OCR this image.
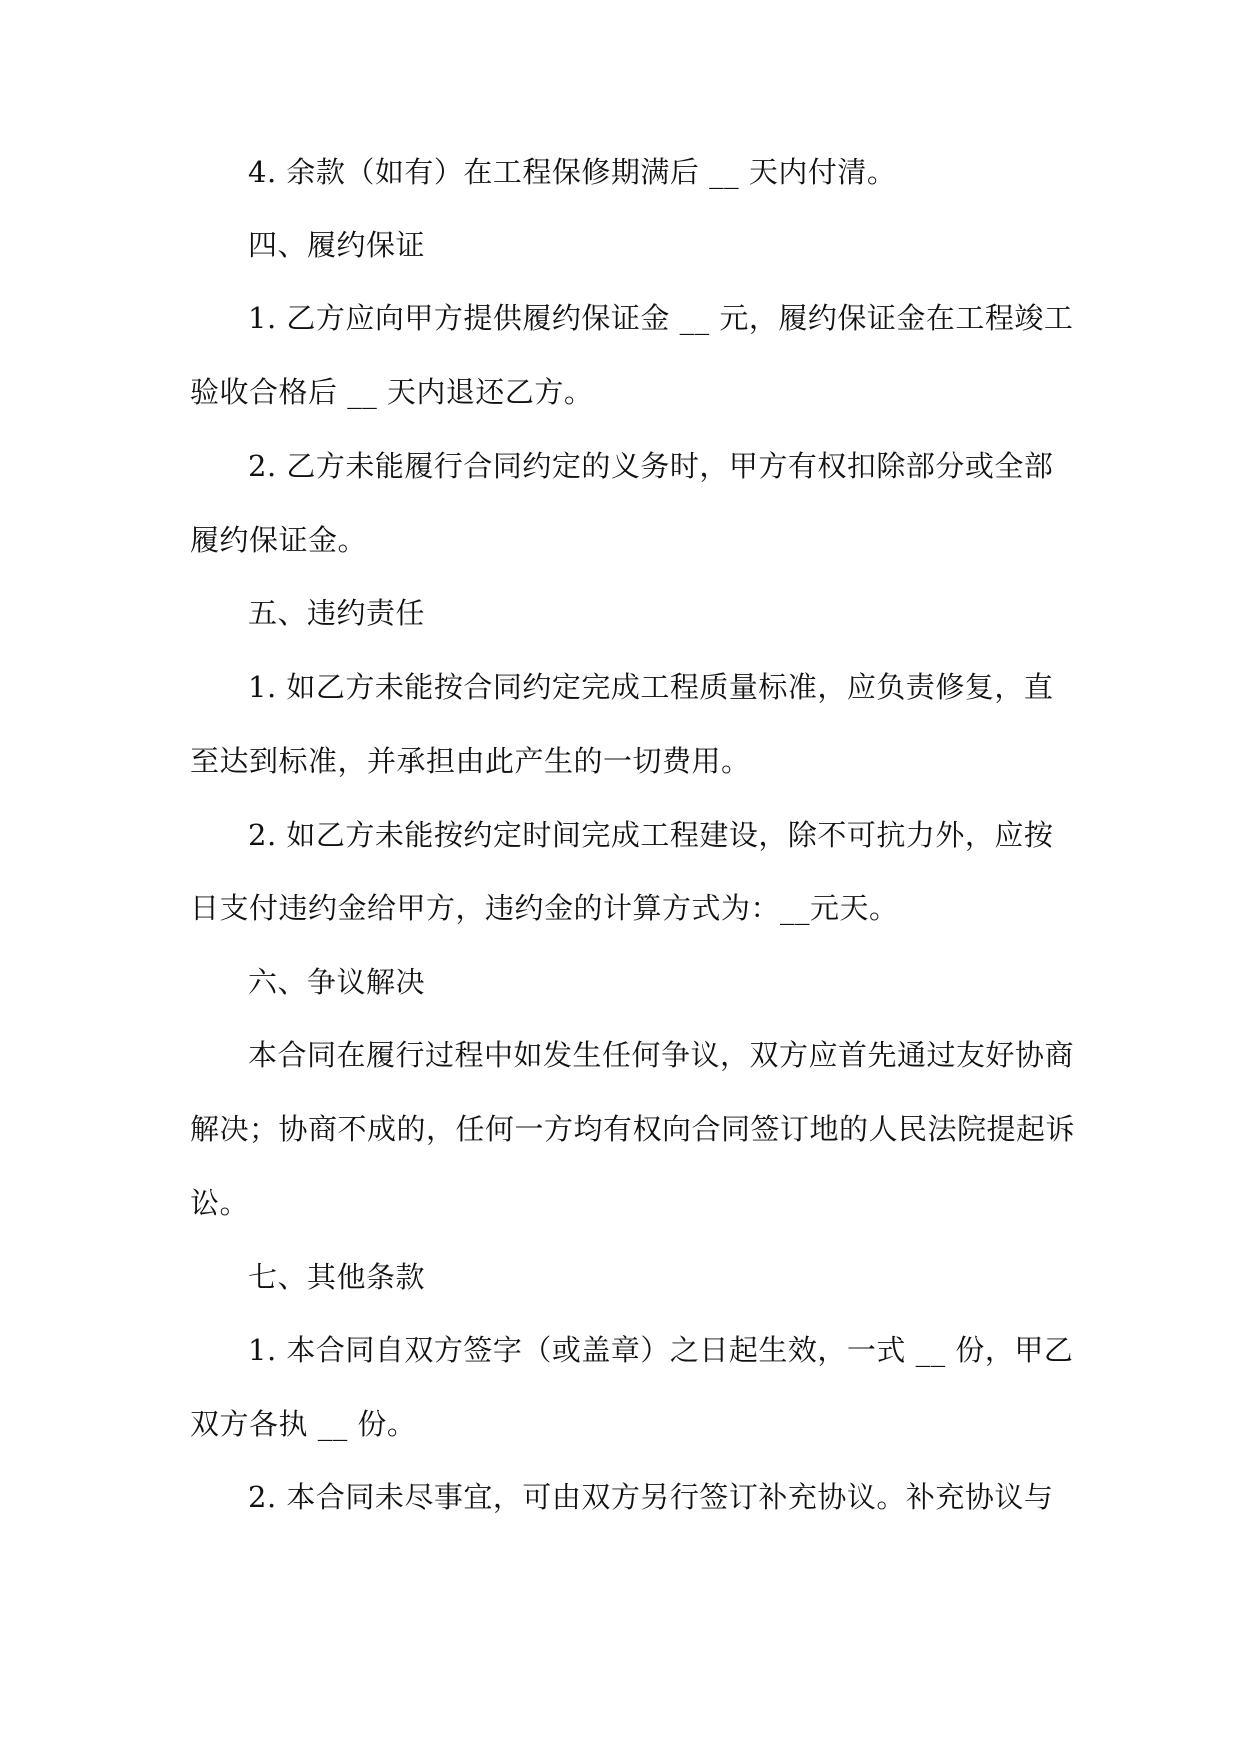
4. 余款（如有）在工程保修期满后 __ 天内付清。
四、履约保证
1. 乙方应向甲方提供履约保证金 __ 元，履约保证金在工程竣工
验收合格后 __ 天内退还乙方。
2. 乙方未能履行合同约定的义务时，甲方有权扣除部分或全部
履约保证金。
五、违约责任
1. 如乙方未能按合同约定完成工程质量标准，应负责修复，直
至达到标准，并承担由此产生的一切费用。
2. 如乙方未能按约定时间完成工程建设，除不可抗力外，应按
日支付违约金给甲方，违约金的计算方式为：__元天。
六、争议解决
本合同在履行过程中如发生任何争议，双方应首先通过友好协商
解决；协商不成的，任何一方均有权向合同签订地的人民法院提起诉
讼。
七、其他条款
1. 本合同自双方签字（或盖章）之日起生效，一式 __ 份，甲乙
双方各执 __ 份。
2. 本合同未尽事宜，可由双方另行签订补充协议。补充协议与
